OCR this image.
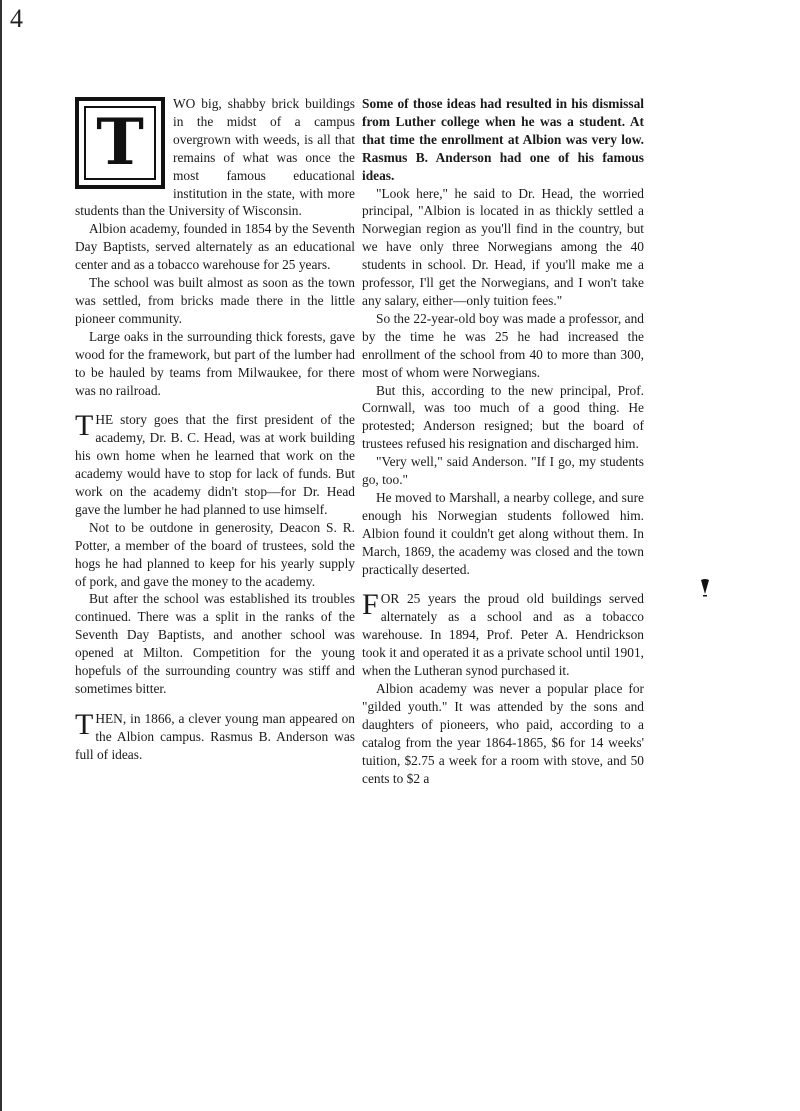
4

T
WO big, shabby brick buildings in the midst of a campus overgrown with weeds, is all that remains of what was once the most famous educational institution in the state, with more students than the University of Wisconsin.

Albion academy, founded in 1854 by the Seventh Day Baptists, served alternately as an educational center and as a tobacco warehouse for 25 years.

The school was built almost as soon as the town was settled, from bricks made there in the little pioneer community.

Large oaks in the surrounding thick forests, gave wood for the framework, but part of the lumber had to be hauled by teams from Milwaukee, for there was no railroad.

THE story goes that the first president of the academy, Dr. B. C. Head, was at work building his own home when he learned that work on the academy would have to stop for lack of funds. But work on the academy didn't stop—for Dr. Head gave the lumber he had planned to use himself.

Not to be outdone in generosity, Deacon S. R. Potter, a member of the board of trustees, sold the hogs he had planned to keep for his yearly supply of pork, and gave the money to the academy.

But after the school was established its troubles continued. There was a split in the ranks of the Seventh Day Baptists, and another school was opened at Milton. Competition for the young hopefuls of the surrounding country was stiff and sometimes bitter.

THEN, in 1866, a clever young man appeared on the Albion campus. Rasmus B. Anderson was full of ideas.

Some of those ideas had resulted in his dismissal from Luther college when he was a student. At that time the enrollment at Albion was very low. Rasmus B. Anderson had one of his famous ideas.

"Look here," he said to Dr. Head, the worried principal, "Albion is located in as thickly settled a Norwegian region as you'll find in the country, but we have only three Norwegians among the 40 students in school. Dr. Head, if you'll make me a professor, I'll get the Norwegians, and I won't take any salary, either—only tuition fees."

So the 22-year-old boy was made a professor, and by the time he was 25 he had increased the enrollment of the school from 40 to more than 300, most of whom were Norwegians.

But this, according to the new principal, Prof. Cornwall, was too much of a good thing. He protested; Anderson resigned; but the board of trustees refused his resignation and discharged him.

"Very well," said Anderson. "If I go, my students go, too."

He moved to Marshall, a nearby college, and sure enough his Norwegian students followed him. Albion found it couldn't get along without them. In March, 1869, the academy was closed and the town practically deserted.

FOR 25 years the proud old buildings served alternately as a school and as a tobacco warehouse. In 1894, Prof. Peter A. Hendrickson took it and operated it as a private school until 1901, when the Lutheran synod purchased it.

Albion academy was never a popular place for "gilded youth." It was attended by the sons and daughters of pioneers, who paid, according to a catalog from the year 1864-1865, $6 for 14 weeks' tuition, $2.75 a week for a room with stove, and 50 cents to $2 a
